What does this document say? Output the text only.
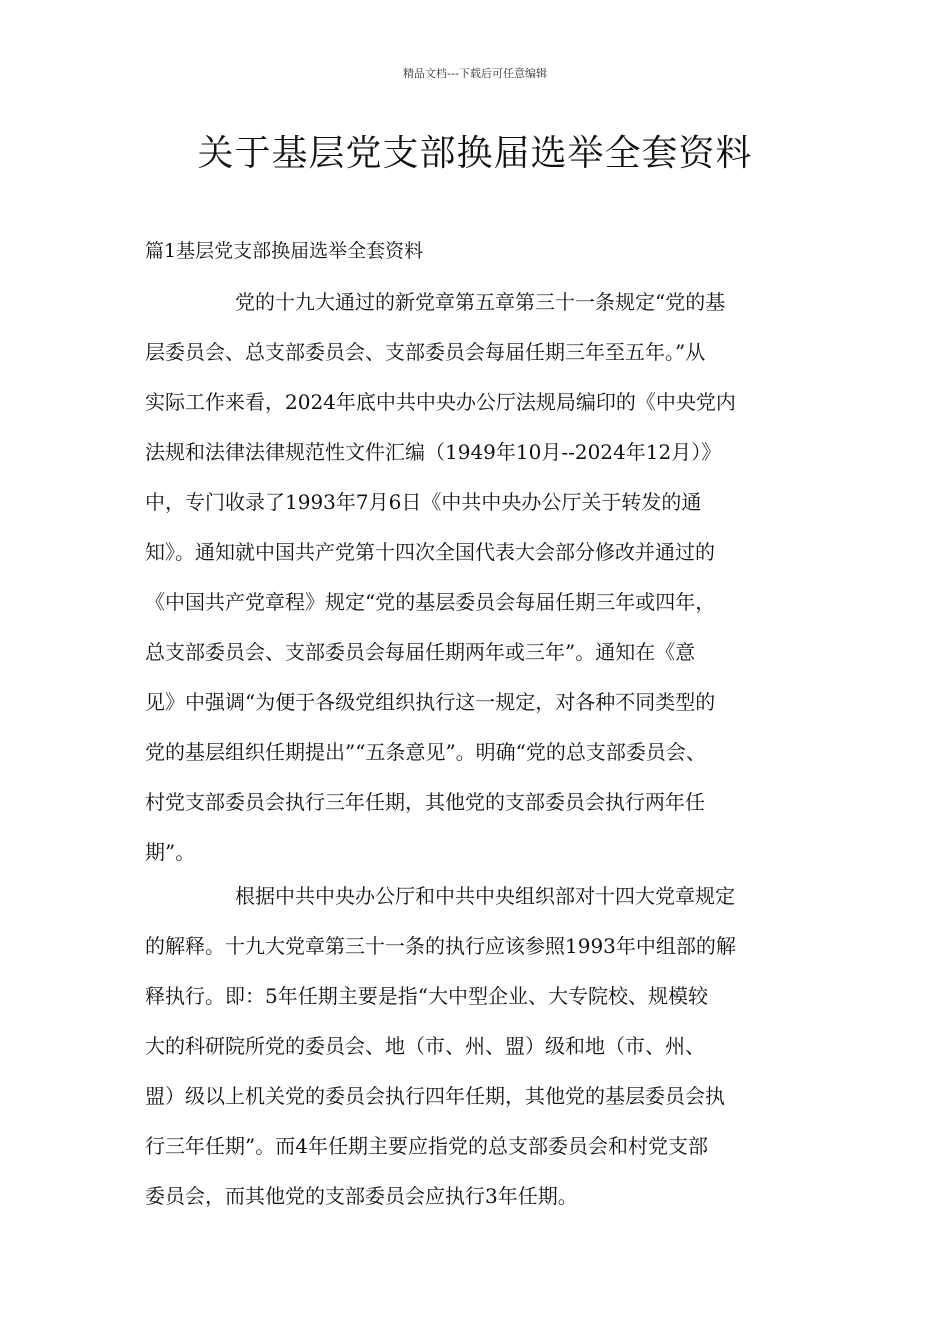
精品文档---下载后可任意编辑
关于基层党支部换届选举全套资料
篇1基层党支部换届选举全套资料
党的十九大通过的新党章第五章第三十一条规定“党的基
层委员会、总支部委员会、支部委员会每届任期三年至五年。”从
实际工作来看，2024年底中共中央办公厅法规局编印的《中央党内
法规和法律法律规范性文件汇编（1949年10月--2024年12月）》
中，专门收录了1993年7月6日《中共中央办公厅关于转发的通
知》。通知就中国共产党第十四次全国代表大会部分修改并通过的
《中国共产党章程》规定“党的基层委员会每届任期三年或四年，
总支部委员会、支部委员会每届任期两年或三年”。通知在《意
见》中强调“为便于各级党组织执行这一规定，对各种不同类型的
党的基层组织任期提出”“五条意见”。明确“党的总支部委员会、
村党支部委员会执行三年任期，其他党的支部委员会执行两年任
期”。
根据中共中央办公厅和中共中央组织部对十四大党章规定
的解释。十九大党章第三十一条的执行应该参照1993年中组部的解
释执行。即：5年任期主要是指“大中型企业、大专院校、规模较
大的科研院所党的委员会、地（市、州、盟）级和地（市、州、
盟）级以上机关党的委员会执行四年任期，其他党的基层委员会执
行三年任期”。而4年任期主要应指党的总支部委员会和村党支部
委员会，而其他党的支部委员会应执行3年任期。
